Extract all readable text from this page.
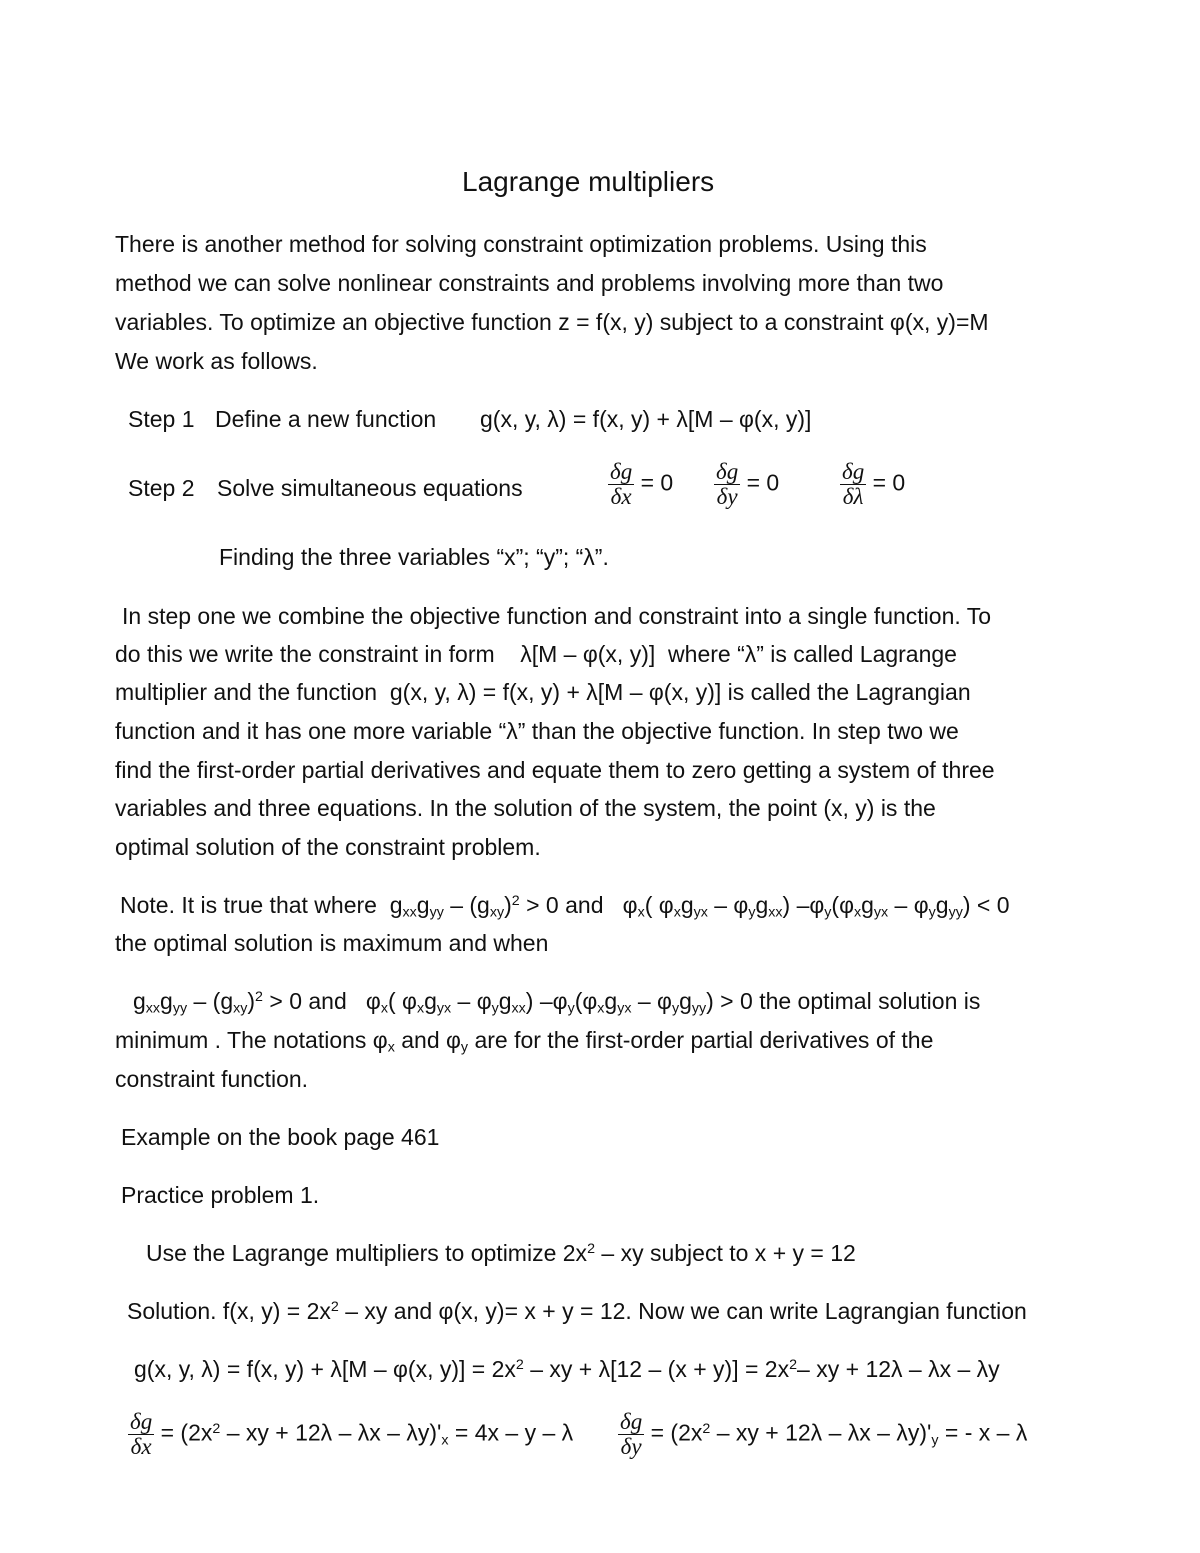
Lagrange multipliers
There is another method for solving constraint optimization problems. Using this
method we can solve nonlinear constraints and problems involving more than two
variables. To optimize an objective function z = f(x, y) subject to a constraint φ(x, y)=M
We work as follows.
Step 1 Define a new function g(x, y, λ) = f(x, y) + λ[M – φ(x, y)]
Step 2 Solve simultaneous equations	$\frac{\delta g}{\delta x} = 0 \frac{\delta g}{\delta y} = 0$	$\frac{\delta g}{\delta\lambda} = 0$
Finding the three variables “x”; “y”; “λ”.
In step one we combine the objective function and constraint into a single function. To
do this we write the constraint in form λ[M – φ(x, y)] where “λ” is called Lagrange
multiplier and the function g(x, y, λ) = f(x, y) + λ[M – φ(x, y)] is called the Lagrangian
function and it has one more variable “λ” than the objective function. In step two we
find the first-order partial derivatives and equate them to zero getting a system of three
variables and three equations. In the solution of the system, the point (x, y) is the
optimal solution of the constraint problem.
Note. It is true that where  $g_{xx}g_{yy} - (g_{xy})^2 > 0$ and   $\varphi_x$( $\varphi_xg_{yx} - \varphi_yg_{xx}$) $-\varphi_y(\varphi_xg_{yx} - \varphi_yg_{yy}) < 0$
the optimal solution is maximum and when
$g_{xx}g_{yy} - (g_{xy})^2 > 0$ and   $\varphi_x$( $\varphi_xg_{yx} - \varphi_yg_{xx}$) $-\varphi_y(\varphi_xg_{yx} - \varphi_yg_{yy}) > 0$ the optimal solution is
minimum . The notations $\varphi_x$ and $\varphi_y$ are for the first-order partial derivatives of the
constraint function.
Example on the book page 461
Practice problem 1.
Use the Lagrange multipliers to optimize $2x^2$ – xy subject to x + y = 12
Solution. f(x, $y) = 2x^2$ – xy and φ(x, y)= x + y = 12. Now we can write Lagrangian function
g(x, y, λ) = f(x, y) + λ[M – φ(x, $y)] = 2x^2$ – xy + $\lambda[12 - (x + y)] = 2x^2-$ xy + 12λ – λx – λy
$\frac{\delta g}{\delta x} = (2x^2$ – xy + $12\lambda - \lambda x - \lambda y)'_x = 4x - y - \lambda \frac{\delta g}{\delta y} = (2x^2$ – xy + 12λ – λx – $\lambda y)'_y$ = - x – λ
